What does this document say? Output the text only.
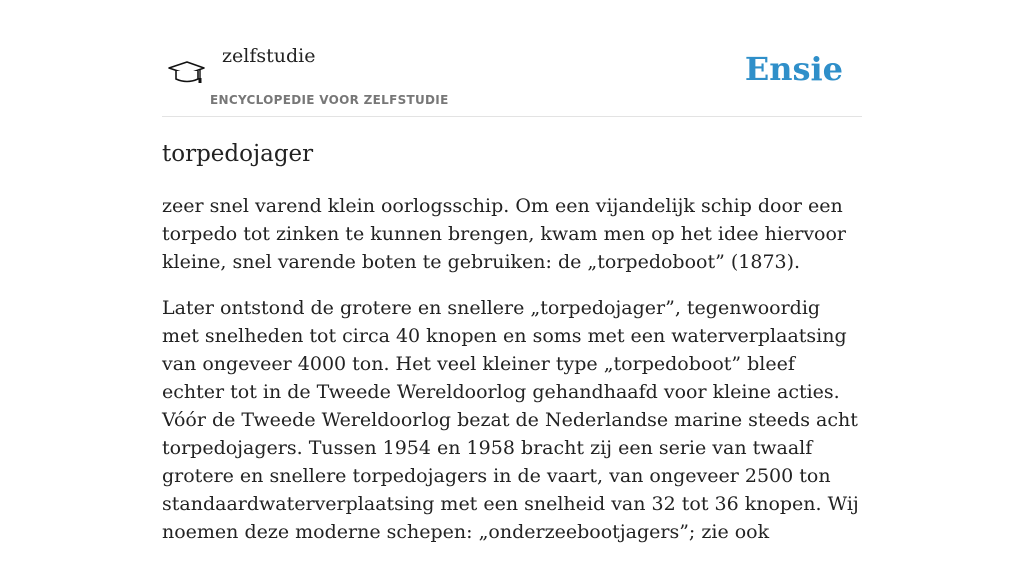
zelfstudie
ENCYCLOPEDIE VOOR ZELFSTUDIE
Ensie
torpedojager

zeer snel varend klein oorlogsschip. Om een vijandelijk schip door een torpedo tot zinken te kunnen brengen, kwam men op het idee hiervoor kleine, snel varende boten te gebruiken: de „torpedoboot” (1873).

Later ontstond de grotere en snellere „torpedojager”, tegenwoordig met snelheden tot circa 40 knopen en soms met een waterverplaatsing van ongeveer 4000 ton. Het veel kleiner type „torpedoboot” bleef echter tot in de Tweede Wereldoorlog gehandhaafd voor kleine acties. Vóór de Tweede Wereldoorlog bezat de Nederlandse marine steeds acht torpedojagers. Tussen 1954 en 1958 bracht zij een serie van twaalf grotere en snellere torpedojagers in de vaart, van ongeveer 2500 ton standaardwaterverplaatsing met een snelheid van 32 tot 36 knopen. Wij noemen deze moderne schepen: „onderzeebootjagers”; zie ook
